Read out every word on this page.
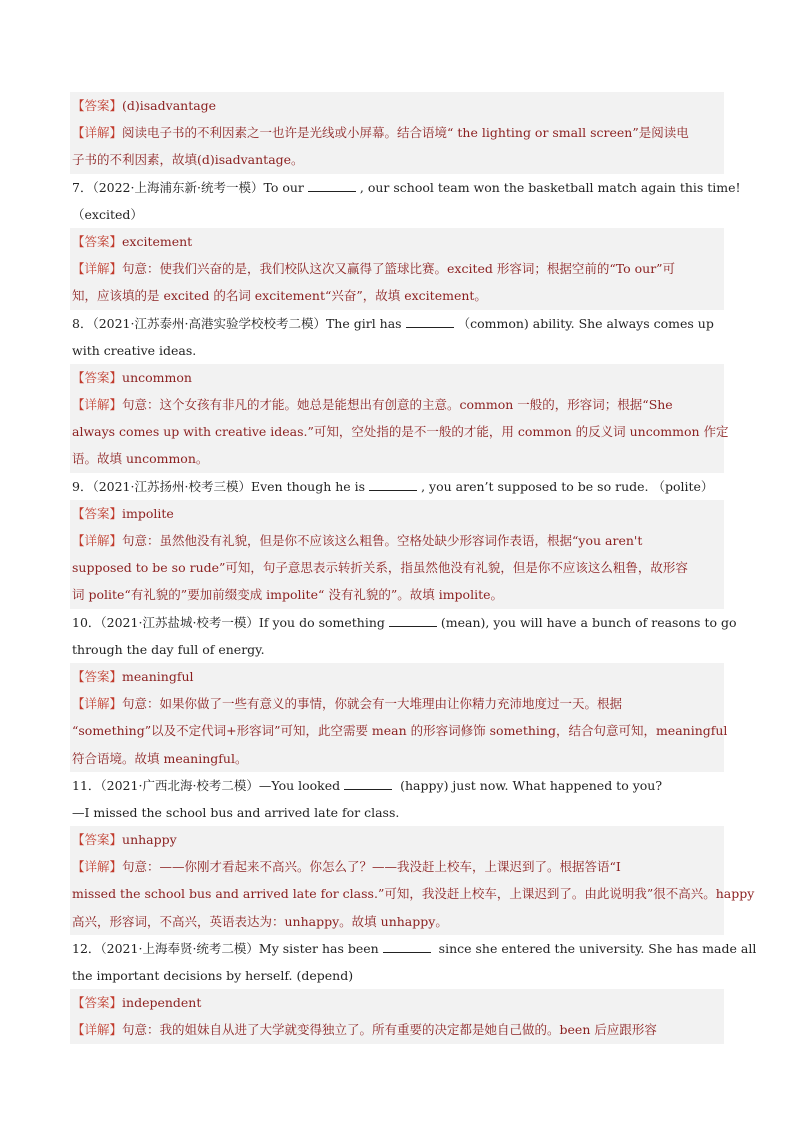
【答案】(d)isadvantage
【详解】阅读电子书的不利因素之一也许是光线或小屏幕。结合语境“ the lighting or small screen”是阅读电
子书的不利因素，故填(d)isadvantage。
7．（2022·上海浦东新·统考一模）To our	, our school team won the basketball match again this time!
（excited）
【答案】excitement
【详解】句意：使我们兴奋的是，我们校队这次又赢得了篮球比赛。excited 形容词；根据空前的“To our”可
知，应该填的是 excited 的名词 excitement“兴奋”，故填 excitement。
8．（2021·江苏泰州·高港实验学校校考二模）The girl has	（common) ability. She always comes up
with creative ideas.
【答案】uncommon
【详解】句意：这个女孩有非凡的才能。她总是能想出有创意的主意。common 一般的，形容词；根据“She
always comes up with creative ideas.”可知，空处指的是不一般的才能，用 common 的反义词 uncommon 作定
语。故填 uncommon。
9．（2021·江苏扬州·校考三模）Even though he is	, you aren’t supposed to be so rude. （polite）
【答案】impolite
【详解】句意：虽然他没有礼貌，但是你不应该这么粗鲁。空格处缺少形容词作表语，根据“you aren't
supposed to be so rude”可知，句子意思表示转折关系，指虽然他没有礼貌，但是你不应该这么粗鲁，故形容
词 polite“有礼貌的”要加前缀变成 impolite“ 没有礼貌的”。故填 impolite。
10．（2021·江苏盐城·校考一模）If you do something	(mean), you will have a bunch of reasons to go
through the day full of energy.
【答案】meaningful
【详解】句意：如果你做了一些有意义的事情，你就会有一大堆理由让你精力充沛地度过一天。根据
“something”以及不定代词+形容词”可知，此空需要 mean 的形容词修饰 something，结合句意可知，meaningful
符合语境。故填 meaningful。
11．（2021·广西北海·校考二模）—You looked	(happy) just now. What happened to you?
—I missed the school bus and arrived late for class.
【答案】unhappy
【详解】句意：——你刚才看起来不高兴。你怎么了？——我没赶上校车，上课迟到了。根据答语“I
missed the school bus and arrived late for class.”可知，我没赶上校车，上课迟到了。由此说明我”很不高兴。happy
高兴，形容词，不高兴，英语表达为：unhappy。故填 unhappy。
12．（2021·上海奉贤·统考二模）My sister has been	since she entered the university. She has made all
the important decisions by herself. (depend)
【答案】independent
【详解】句意：我的姐妹自从进了大学就变得独立了。所有重要的决定都是她自己做的。been 后应跟形容
